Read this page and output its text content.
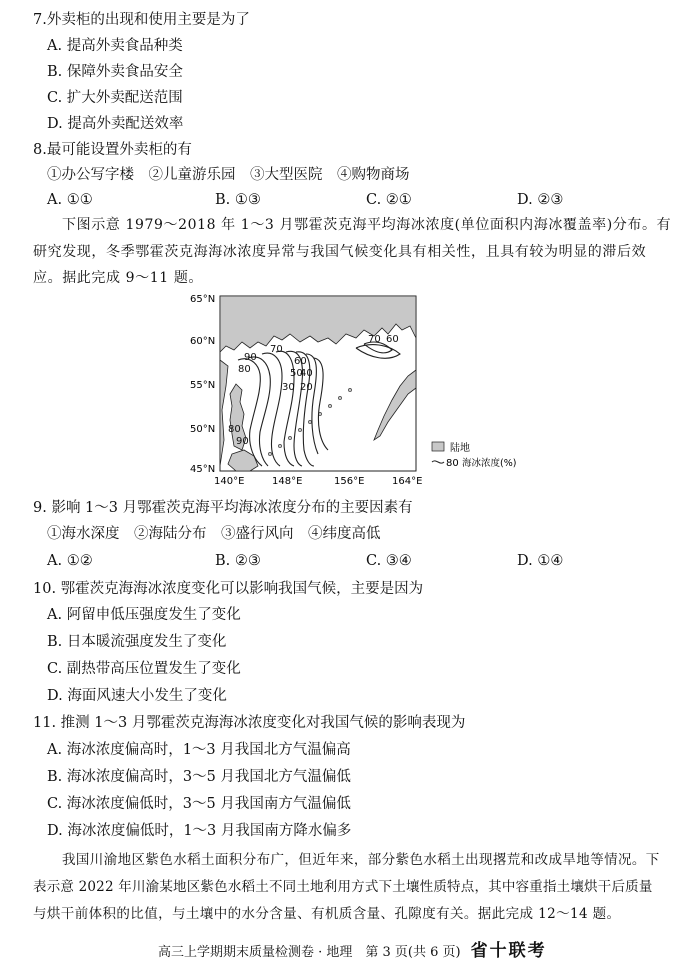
7.外卖柜的出现和使用主要是为了
A. 提高外卖食品种类
B. 保障外卖食品安全
C. 扩大外卖配送范围
D. 提高外卖配送效率
8.最可能设置外卖柜的有
①办公写字楼　②儿童游乐园　③大型医院　④购物商场
A. ①①	B. ①③	C. ②①	D. ②③
下图示意 1979～2018 年 1～3 月鄂霍茨克海平均海冰浓度(单位面积内海冰覆盖率)分布。有
研究发现，冬季鄂霍茨克海海冰浓度异常与我国气候变化具有相关性，且具有较为明显的滞后效
应。据此完成 9～11 题。
65°N
60°N
55°N
50°N
45°N
90
80
70
60
50
40
30 20
70 60
80
90
140°E	148°E	156°E	164°E
陆地
80 海冰浓度(%)
9. 影响 1～3 月鄂霍茨克海平均海冰浓度分布的主要因素有
①海水深度　②海陆分布　③盛行风向　④纬度高低
A. ①②	B. ②③	C. ③④	D. ①④
10. 鄂霍茨克海海冰浓度变化可以影响我国气候，主要是因为
A. 阿留申低压强度发生了变化
B. 日本暖流强度发生了变化
C. 副热带高压位置发生了变化
D. 海面风速大小发生了变化
11. 推测 1～3 月鄂霍茨克海海冰浓度变化对我国气候的影响表现为
A. 海冰浓度偏高时，1～3 月我国北方气温偏高
B. 海冰浓度偏高时，3～5 月我国北方气温偏低
C. 海冰浓度偏低时，3～5 月我国南方气温偏低
D. 海冰浓度偏低时，1～3 月我国南方降水偏多
我国川渝地区紫色水稻土面积分布广，但近年来，部分紫色水稻土出现撂荒和改成旱地等情况。下
表示意 2022 年川渝某地区紫色水稻土不同土地利用方式下土壤性质特点，其中容重指土壤烘干后质量
与烘干前体积的比值，与土壤中的水分含量、有机质含量、孔隙度有关。据此完成 12～14 题。
高三上学期期末质量检测卷 · 地理　第 3 页(共 6 页) 省十联考
